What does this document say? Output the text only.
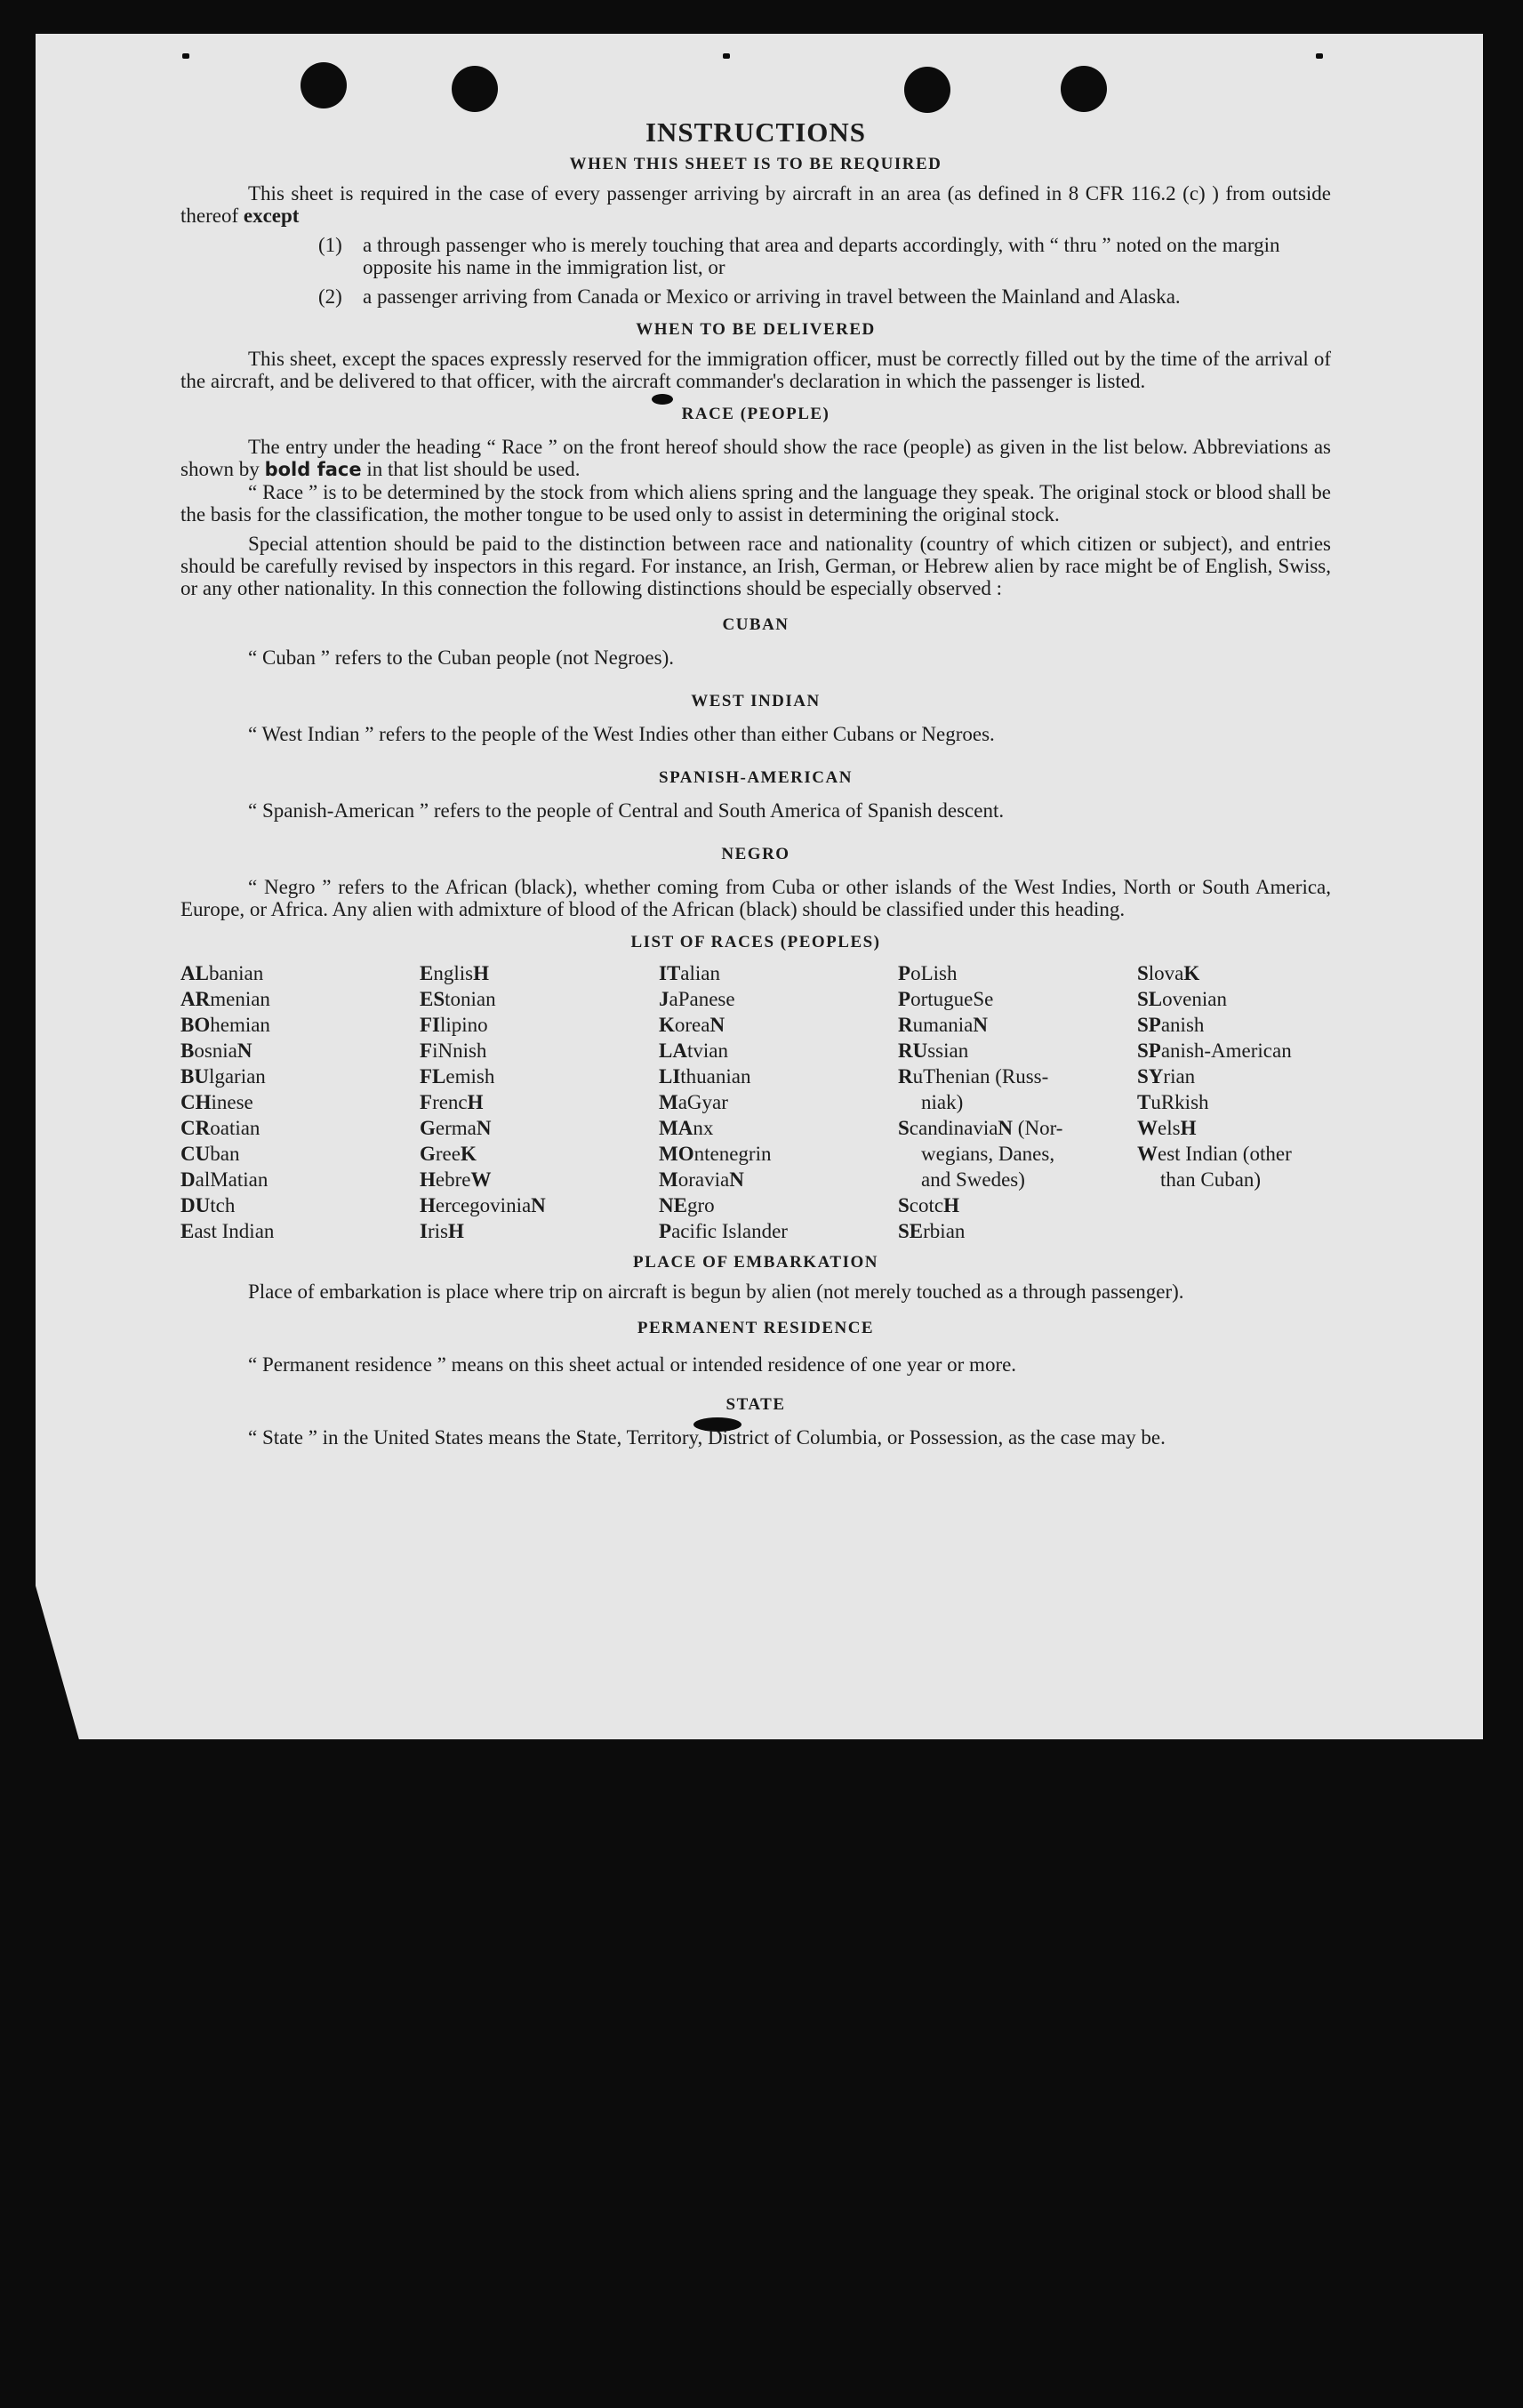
INSTRUCTIONS
WHEN THIS SHEET IS TO BE REQUIRED

This sheet is required in the case of every passenger arriving by aircraft in an area (as defined in 8 CFR 116.2 (c) ) from outside thereof except

(1)	a through passenger who is merely touching that area and departs accordingly, with “ thru ” noted on the margin opposite his name in the immigration list, or
(2)	a passenger arriving from Canada or Mexico or arriving in travel between the Mainland and Alaska.
WHEN TO BE DELIVERED

This sheet, except the spaces expressly reserved for the immigration officer, must be correctly filled out by the time of the arrival of the aircraft, and be delivered to that officer, with the aircraft commander's declaration in which the passenger is listed.

RACE (PEOPLE)

The entry under the heading “ Race ” on the front hereof should show the race (people) as given in the list below. Abbreviations as shown by bold face in that list should be used.

“ Race ” is to be determined by the stock from which aliens spring and the language they speak. The original stock or blood shall be the basis for the classification, the mother tongue to be used only to assist in determining the original stock.

Special attention should be paid to the distinction between race and nationality (country of which citizen or subject), and entries should be carefully revised by inspectors in this regard. For instance, an Irish, German, or Hebrew alien by race might be of English, Swiss, or any other nationality. In this connection the following distinctions should be especially observed :

CUBAN

“ Cuban ” refers to the Cuban people (not Negroes).

WEST INDIAN

“ West Indian ” refers to the people of the West Indies other than either Cubans or Negroes.

SPANISH-AMERICAN

“ Spanish-American ” refers to the people of Central and South America of Spanish descent.

NEGRO

“ Negro ” refers to the African (black), whether coming from Cuba or other islands of the West Indies, North or South America, Europe, or Africa. Any alien with admixture of blood of the African (black) should be classified under this heading.

LIST OF RACES (PEOPLES)
ALbanian
ARmenian
BOhemian
BosniaN
BUlgarian
CHinese
CRoatian
CUban
DalMatian
DUtch
East Indian
EnglisH
EStonian
FIlipino
FiNnish
FLemish
FrencH
GermaN
GreeK
HebreW
HercegoviniaN
IrisH
ITalian
JaPanese
KoreaN
LAtvian
LIthuanian
MaGyar
MAnx
MOntenegrin
MoraviaN
NEgro
Pacific Islander
PoLish
PortugueSe
RumaniaN
RUssian
RuThenian (Russ-
niak)
ScandinaviaN (Nor-
wegians, Danes,
and Swedes)
ScotcH
SErbian
SlovaK
SLovenian
SPanish
SPanish-American
SYrian
TuRkish
WelsH
West Indian (other
than Cuban)
PLACE OF EMBARKATION

Place of embarkation is place where trip on aircraft is begun by alien (not merely touched as a through passenger).

PERMANENT RESIDENCE

“ Permanent residence ” means on this sheet actual or intended residence of one year or more.

STATE

“ State ” in the United States means the State, Territory, District of Columbia, or Possession, as the case may be.
